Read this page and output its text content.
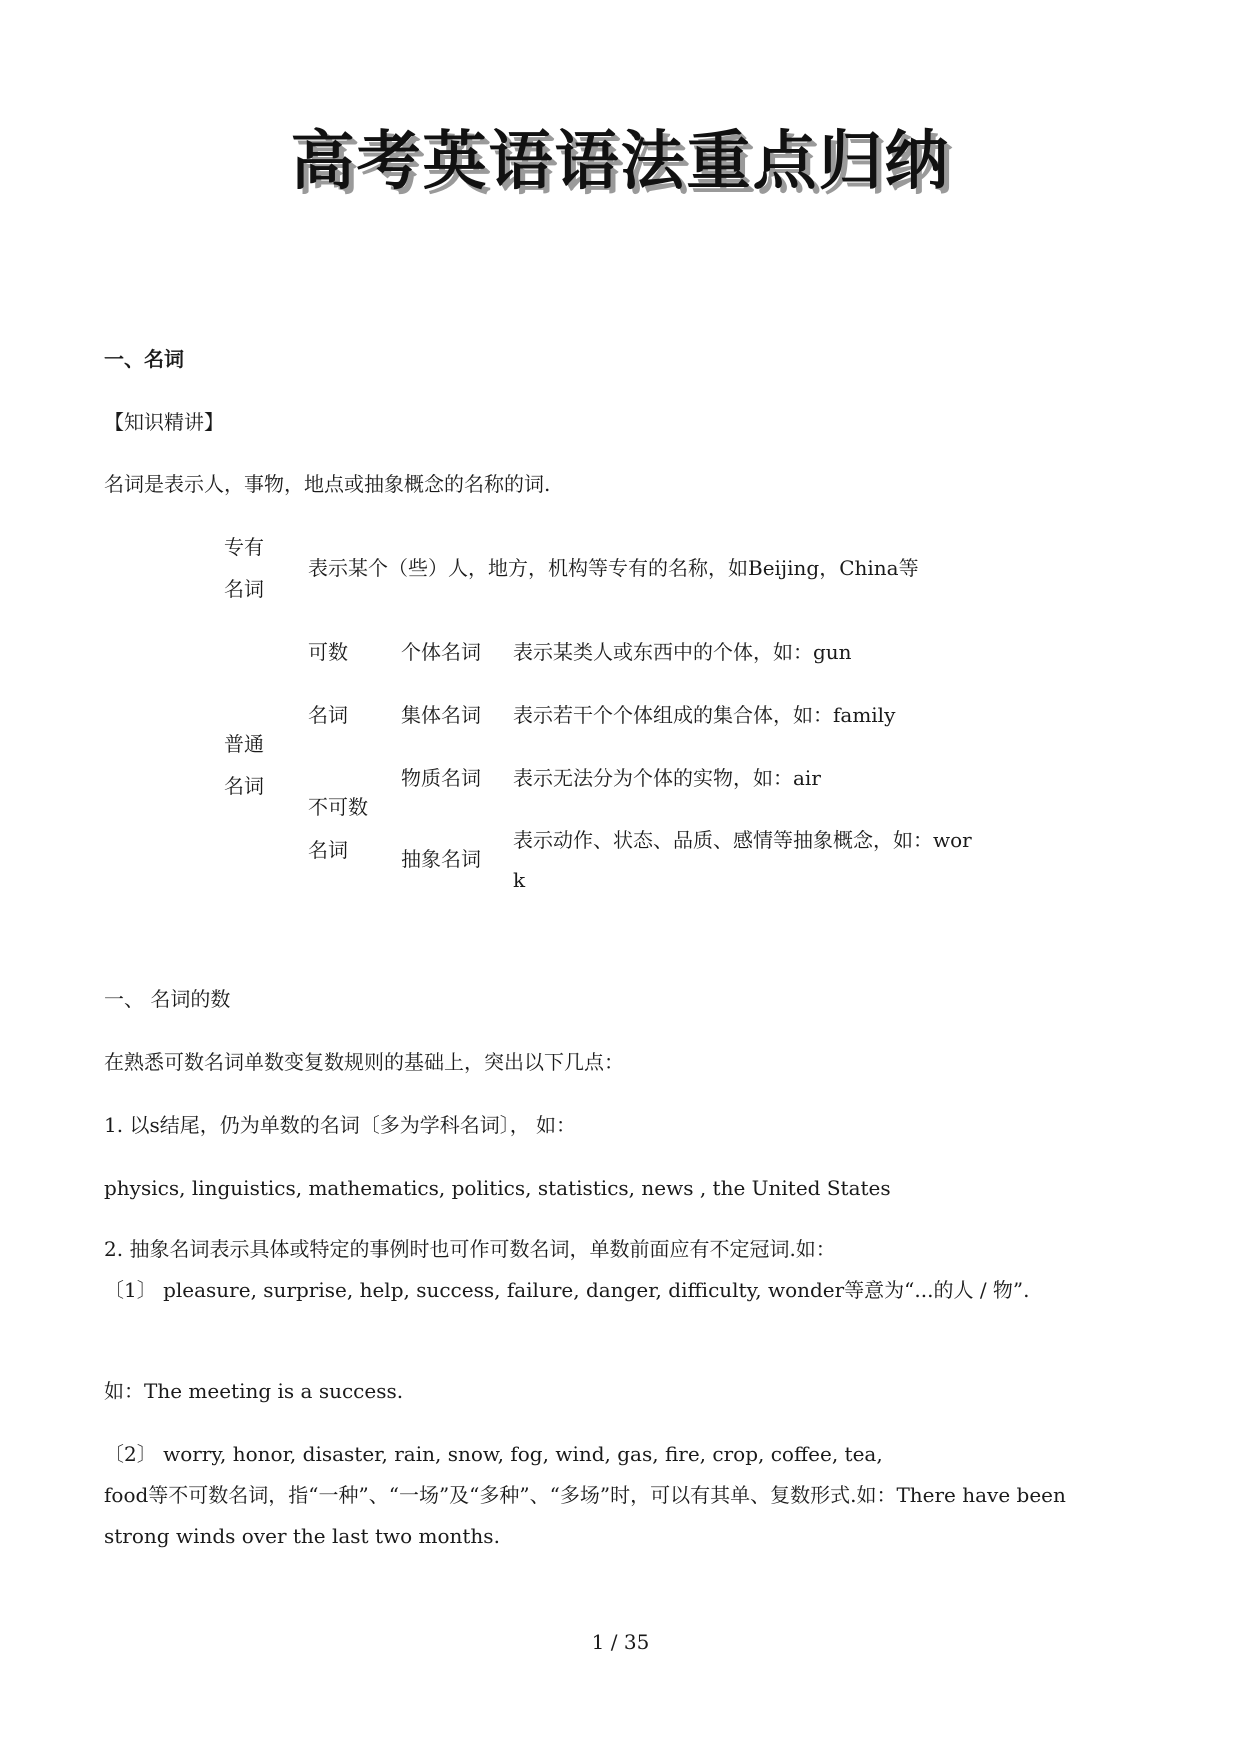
高考英语语法重点归纳
一、名词
【知识精讲】
名词是表示人，事物，地点或抽象概念的名称的词.
专有
名词
表示某个（些）人，地方，机构等专有的名称，如Beijing，China等
普通
名词
可数
名词
不可数
名词
个体名词 表示某类人或东西中的个体，如：gun
集体名词 表示若干个个体组成的集合体，如：family
物质名词 表示无法分为个体的实物，如：air
抽象名词
表示动作、状态、品质、感情等抽象概念，如：wor
k
一、 名词的数
在熟悉可数名词单数变复数规则的基础上，突出以下几点：
1. 以s结尾，仍为单数的名词〔多为学科名词〕， 如：
physics, linguistics, mathematics, politics, statistics, news , the United States
2. 抽象名词表示具体或特定的事例时也可作可数名词，单数前面应有不定冠词.如：
〔1〕 pleasure, surprise, help, success, failure, danger, difficulty, wonder等意为“...的人 / 物”.
如：The meeting is a success.
〔2〕 worry, honor, disaster, rain, snow, fog, wind, gas, fire, crop, coffee, tea,
food等不可数名词，指“一种”、“一场”及“多种”、“多场”时，可以有其单、复数形式.如：There have been
strong winds over the last two months.
1 / 35
